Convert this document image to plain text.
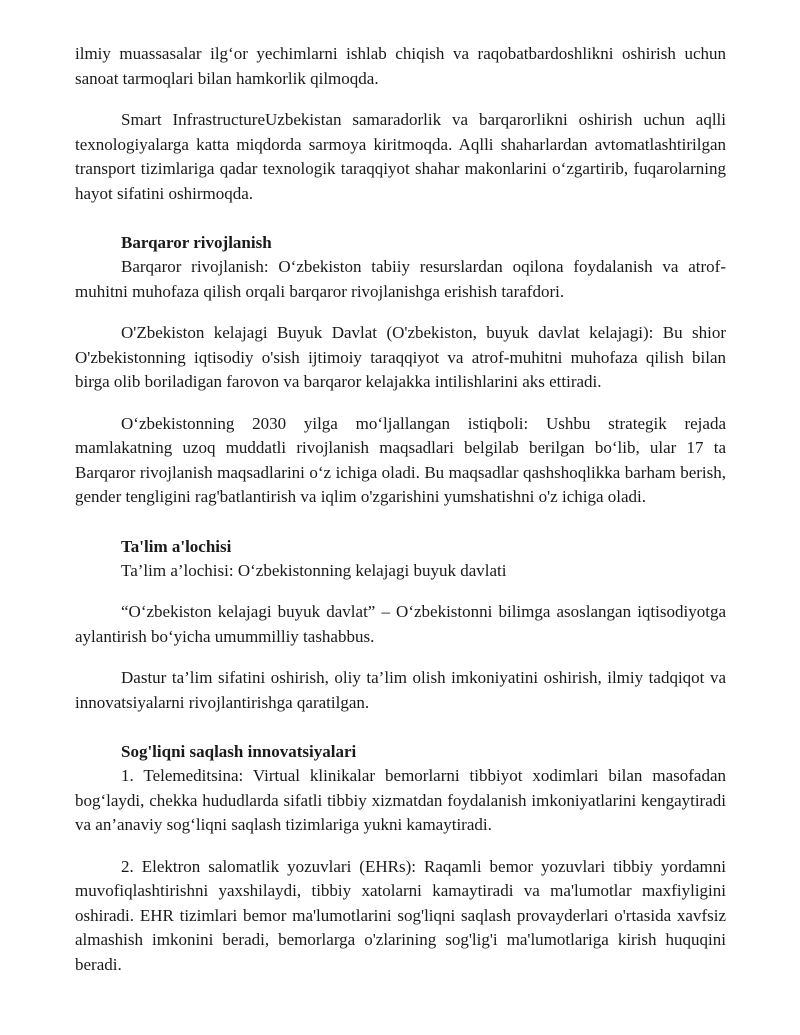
ilmiy muassasalar ilg‘or yechimlarni ishlab chiqish va raqobatbardoshlikni oshirish uchun sanoat tarmoqlari bilan hamkorlik qilmoqda.

Smart InfrastructureUzbekistan samaradorlik va barqarorlikni oshirish uchun aqlli texnologiyalarga katta miqdorda sarmoya kiritmoqda. Aqlli shaharlardan avtomatlashtirilgan transport tizimlariga qadar texnologik taraqqiyot shahar makonlarini o‘zgartirib, fuqarolarning hayot sifatini oshirmoqda.

Barqaror rivojlanish

Barqaror rivojlanish: O‘zbekiston tabiiy resurslardan oqilona foydalanish va atrof-muhitni muhofaza qilish orqali barqaror rivojlanishga erishish tarafdori.

O'Zbekiston kelajagi Buyuk Davlat (O'zbekiston, buyuk davlat kelajagi): Bu shior O'zbekistonning iqtisodiy o'sish ijtimoiy taraqqiyot va atrof-muhitni muhofaza qilish bilan birga olib boriladigan farovon va barqaror kelajakka intilishlarini aks ettiradi.

O‘zbekistonning 2030 yilga mo‘ljallangan istiqboli: Ushbu strategik rejada mamlakatning uzoq muddatli rivojlanish maqsadlari belgilab berilgan bo‘lib, ular 17 ta Barqaror rivojlanish maqsadlarini o‘z ichiga oladi. Bu maqsadlar qashshoqlikka barham berish, gender tengligini rag'batlantirish va iqlim o'zgarishini yumshatishni o'z ichiga oladi.

Ta'lim a'lochisi

Ta’lim a’lochisi: O‘zbekistonning kelajagi buyuk davlati

“O‘zbekiston kelajagi buyuk davlat” – O‘zbekistonni bilimga asoslangan iqtisodiyotga aylantirish bo‘yicha umummilliy tashabbus.

Dastur ta’lim sifatini oshirish, oliy ta’lim olish imkoniyatini oshirish, ilmiy tadqiqot va innovatsiyalarni rivojlantirishga qaratilgan.

Sog'liqni saqlash innovatsiyalari

1. Telemeditsina: Virtual klinikalar bemorlarni tibbiyot xodimlari bilan masofadan bog‘laydi, chekka hududlarda sifatli tibbiy xizmatdan foydalanish imkoniyatlarini kengaytiradi va an’anaviy sog‘liqni saqlash tizimlariga yukni kamaytiradi.

2. Elektron salomatlik yozuvlari (EHRs): Raqamli bemor yozuvlari tibbiy yordamni muvofiqlashtirishni yaxshilaydi, tibbiy xatolarni kamaytiradi va ma'lumotlar maxfiyligini oshiradi. EHR tizimlari bemor ma'lumotlarini sog'liqni saqlash provayderlari o'rtasida xavfsiz almashish imkonini beradi, bemorlarga o'zlarining sog'lig'i ma'lumotlariga kirish huquqini beradi.
